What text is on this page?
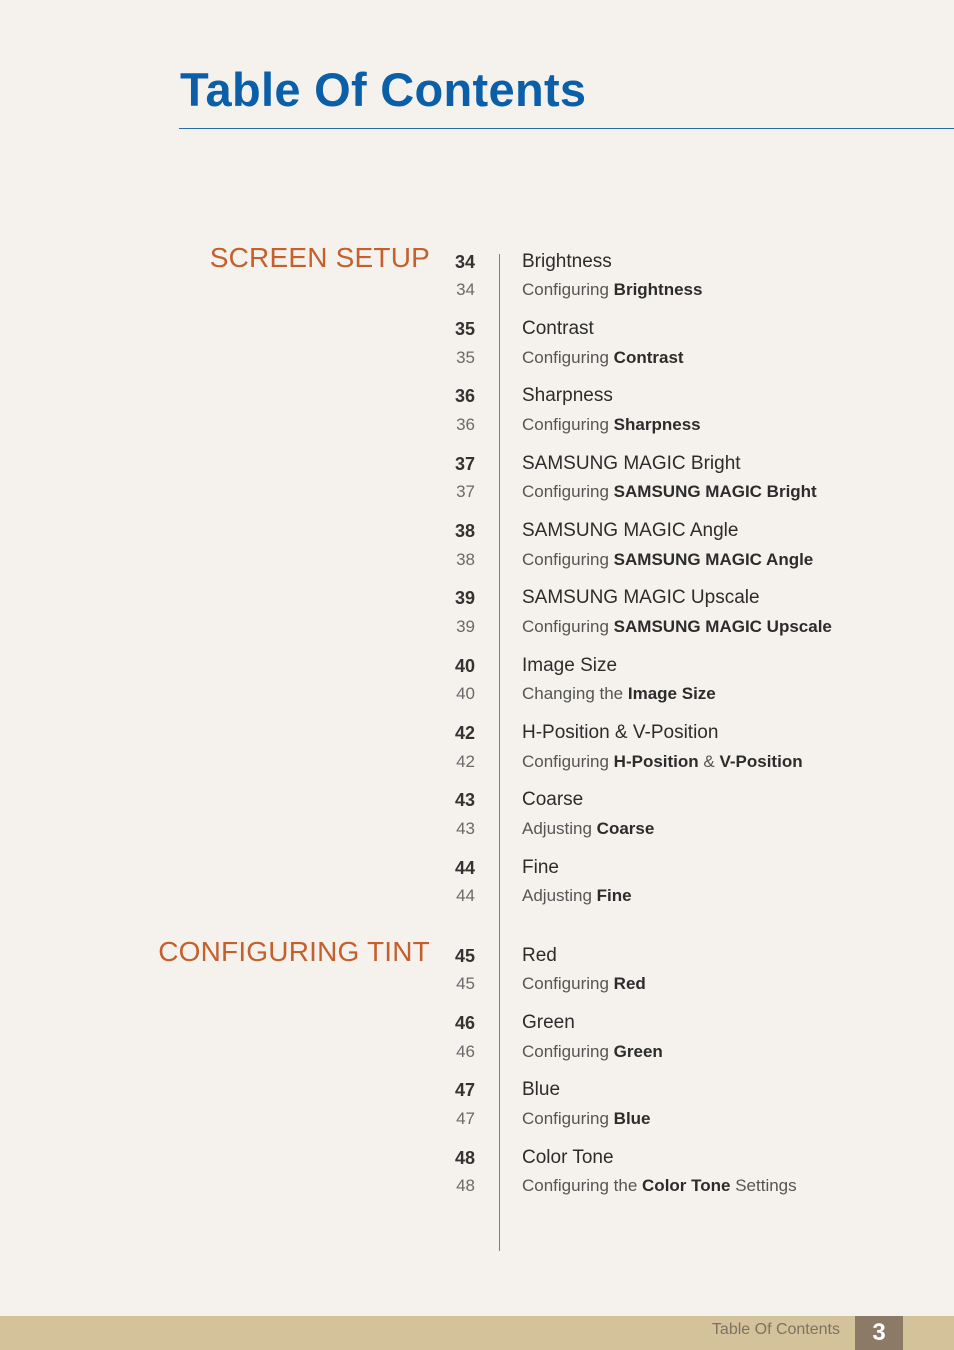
Table Of Contents
SCREEN SETUP	34 Brightness
34	Configuring Brightness
35 Contrast
35	Configuring Contrast
36 Sharpness
36	Configuring Sharpness
37 SAMSUNG MAGIC Bright
37	Configuring SAMSUNG MAGIC Bright
38 SAMSUNG MAGIC Angle
38	Configuring SAMSUNG MAGIC Angle
39 SAMSUNG MAGIC Upscale
39	Configuring SAMSUNG MAGIC Upscale
40 Image Size
40	Changing the Image Size
42 H-Position & V-Position
42	Configuring H-Position & V-Position
43 Coarse
43	Adjusting Coarse
44 Fine
44	Adjusting Fine
CONFIGURING TINT	45 Red
45	Configuring Red
46 Green
46	Configuring Green
47 Blue
47	Configuring Blue
48 Color Tone
48	Configuring the Color Tone Settings
Table Of Contents	3
